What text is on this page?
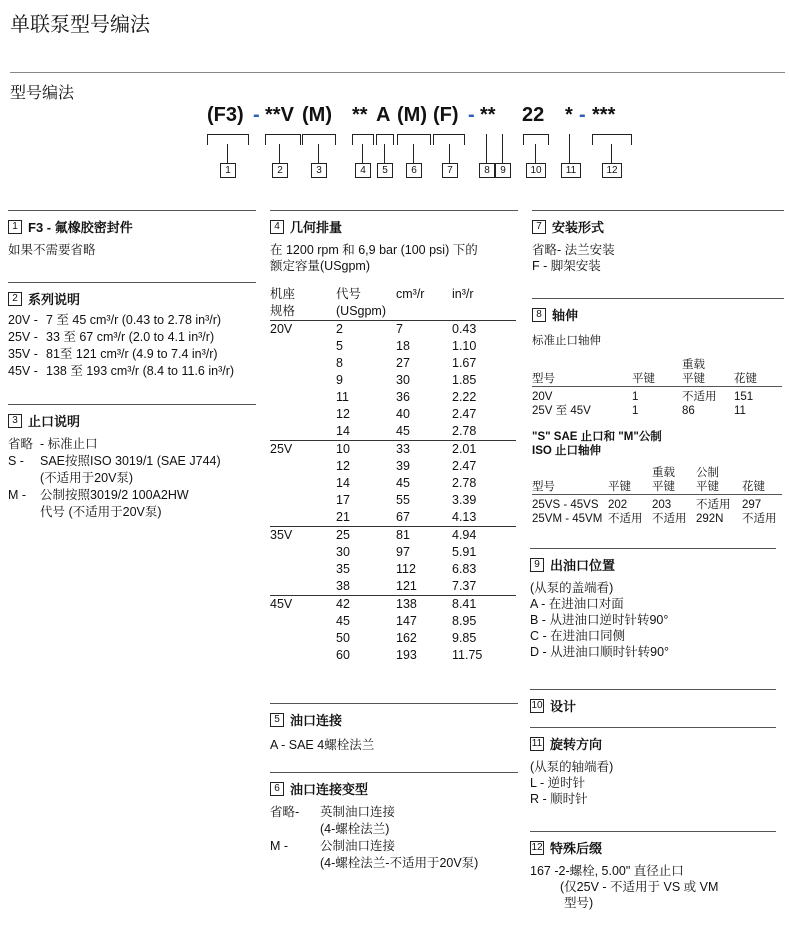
单联泵型号编法
型号编法
(F3) - **V (M) ** A (M) (F) - ** 22 * - ***
1	2	3	4	5	6	7	8	9	10	11	12
1 F3 - 氟橡胶密封件
如果不需要省略
2 系列说明
20V -	7 至 45 cm³/r (0.43 to 2.78 in³/r)
25V -	33 至 67 cm³/r (2.0 to 4.1 in³/r)
35V -	81至 121 cm³/r (4.9 to 7.4 in³/r)
45V -	138 至 193 cm³/r (8.4 to 11.6 in³/r)
3 止口说明
省略	- 标准止口
S -	SAE按照ISO 3019/1 (SAE J744)
	(不适用于20V泵)
M -	公制按照3019/2 100A2HW
	代号 (不适用于20V泵)
4 几何排量
在 1200 rpm 和 6,9 bar (100 psi) 下的
额定容量(USgpm)
机座	代号	cm³/r	in³/r
规格	(USgpm)		
20V	2	7	0.43
	5	18	1.10
	8	27	1.67
	9	30	1.85
	11	36	2.22
	12	40	2.47
	14	45	2.78
25V	10	33	2.01
	12	39	2.47
	14	45	2.78
	17	55	3.39
	21	67	4.13
35V	25	81	4.94
	30	97	5.91
	35	112	6.83
	38	121	7.37
45V	42	138	8.41
	45	147	8.95
	50	162	9.85
	60	193	11.75
5 油口连接
A - SAE 4螺栓法兰
6 油口连接变型
省略-	英制油口连接
	(4-螺栓法兰)
M -	公制油口连接
	(4-螺栓法兰-不适用于20V泵)
7 安装形式
省略- 法兰安装
F - 脚架安装
8 轴伸
标准止口轴伸
		重载	
型号	平键	平键	花键
20V	1	不适用	151
25V 至 45V	1	86	11
"S" SAE 止口和 "M"公制
ISO 止口轴伸
		重载	公制	
型号	平键	平键	平键	花键
25VS - 45VS	202	203	不适用	297
25VM - 45VM	不适用	不适用	292N	不适用
9 出油口位置
(从泵的盖端看)
A - 在进油口对面
B - 从进油口逆时针转90°
C - 在进油口同侧
D - 从进油口顺时针转90°
10 设计
11 旋转方向
(从泵的轴端看)
L - 逆时针
R - 顺时针
12 特殊后缀
167 -2-螺栓, 5.00" 直径止口
(仅25V - 不适用于 VS 或 VM
型号)
